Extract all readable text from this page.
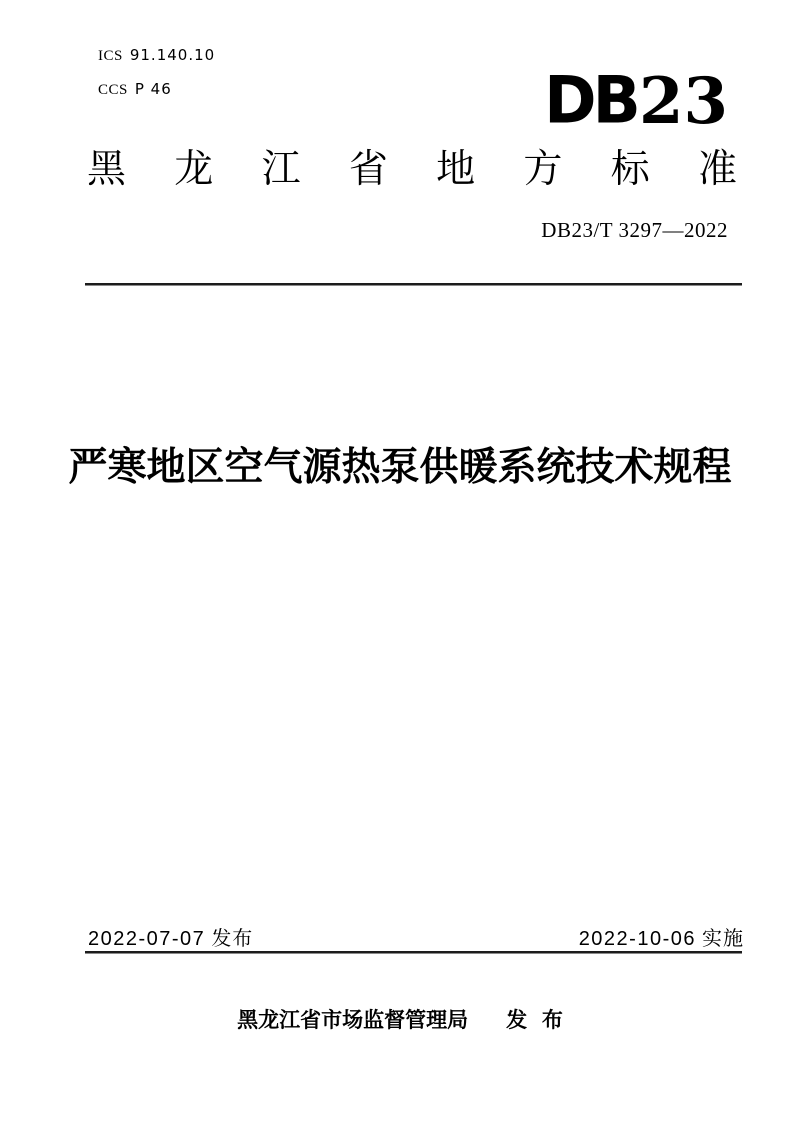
ICS 91.140.10
CCS P 46	DB23
黑 龙 江 省 地 方 标 准
DB23/T 3297—2022
严寒地区空气源热泵供暖系统技术规程
2022-07-07 发布	2022-10-06 实施
黑龙江省市场监督管理局 发 布
